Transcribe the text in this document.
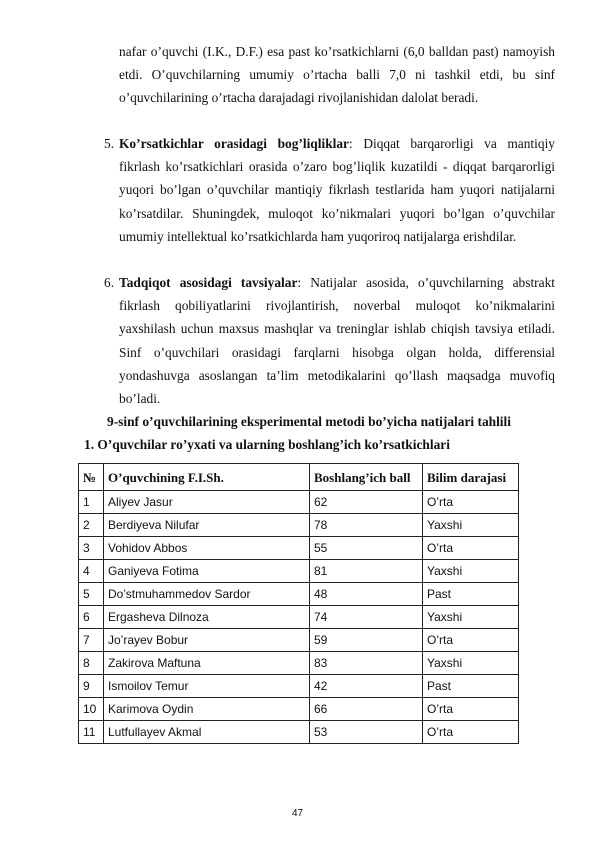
nafar o’quvchi (I.K., D.F.) esa past ko’rsatkichlarni (6,0 balldan past) namoyish etdi. O’quvchilarning umumiy o’rtacha balli 7,0 ni tashkil etdi, bu sinf o’quvchilarining o’rtacha darajadagi rivojlanishidan dalolat beradi.

5. Ko’rsatkichlar orasidagi bog’liqliklar: Diqqat barqarorligi va mantiqiy fikrlash ko’rsatkichlari orasida o’zaro bog’liqlik kuzatildi - diqqat barqarorligi yuqori bo’lgan o’quvchilar mantiqiy fikrlash testlarida ham yuqori natijalarni ko’rsatdilar. Shuningdek, muloqot ko’nikmalari yuqori bo’lgan o’quvchilar umumiy intellektual ko’rsatkichlarda ham yuqoriroq natijalarga erishdilar.
6. Tadqiqot asosidagi tavsiyalar: Natijalar asosida, o’quvchilarning abstrakt fikrlash qobiliyatlarini rivojlantirish, noverbal muloqot ko’nikmalarini yaxshilash uchun maxsus mashqlar va treninglar ishlab chiqish tavsiya etiladi. Sinf o’quvchilari orasidagi farqlarni hisobga olgan holda, differensial yondashuvga asoslangan ta’lim metodikalarini qo’llash maqsadga muvofiq bo’ladi.
9-sinf o’quvchilarining eksperimental metodi bo’yicha natijalari tahlili
1. O’quvchilar ro’yxati va ularning boshlang’ich ko’rsatkichlari
№	O’quvchining F.I.Sh.	Boshlang’ich ball	Bilim darajasi
1	Aliyev Jasur	62	O’rta
2	Berdiyeva Nilufar	78	Yaxshi
3	Vohidov Abbos	55	O’rta
4	Ganiyeva Fotima	81	Yaxshi
5	Do’stmuhammedov Sardor	48	Past
6	Ergasheva Dilnoza	74	Yaxshi
7	Jo’rayev Bobur	59	O’rta
8	Zakirova Maftuna	83	Yaxshi
9	Ismoilov Temur	42	Past
10	Karimova Oydin	66	O’rta
11	Lutfullayev Akmal	53	O’rta
47
